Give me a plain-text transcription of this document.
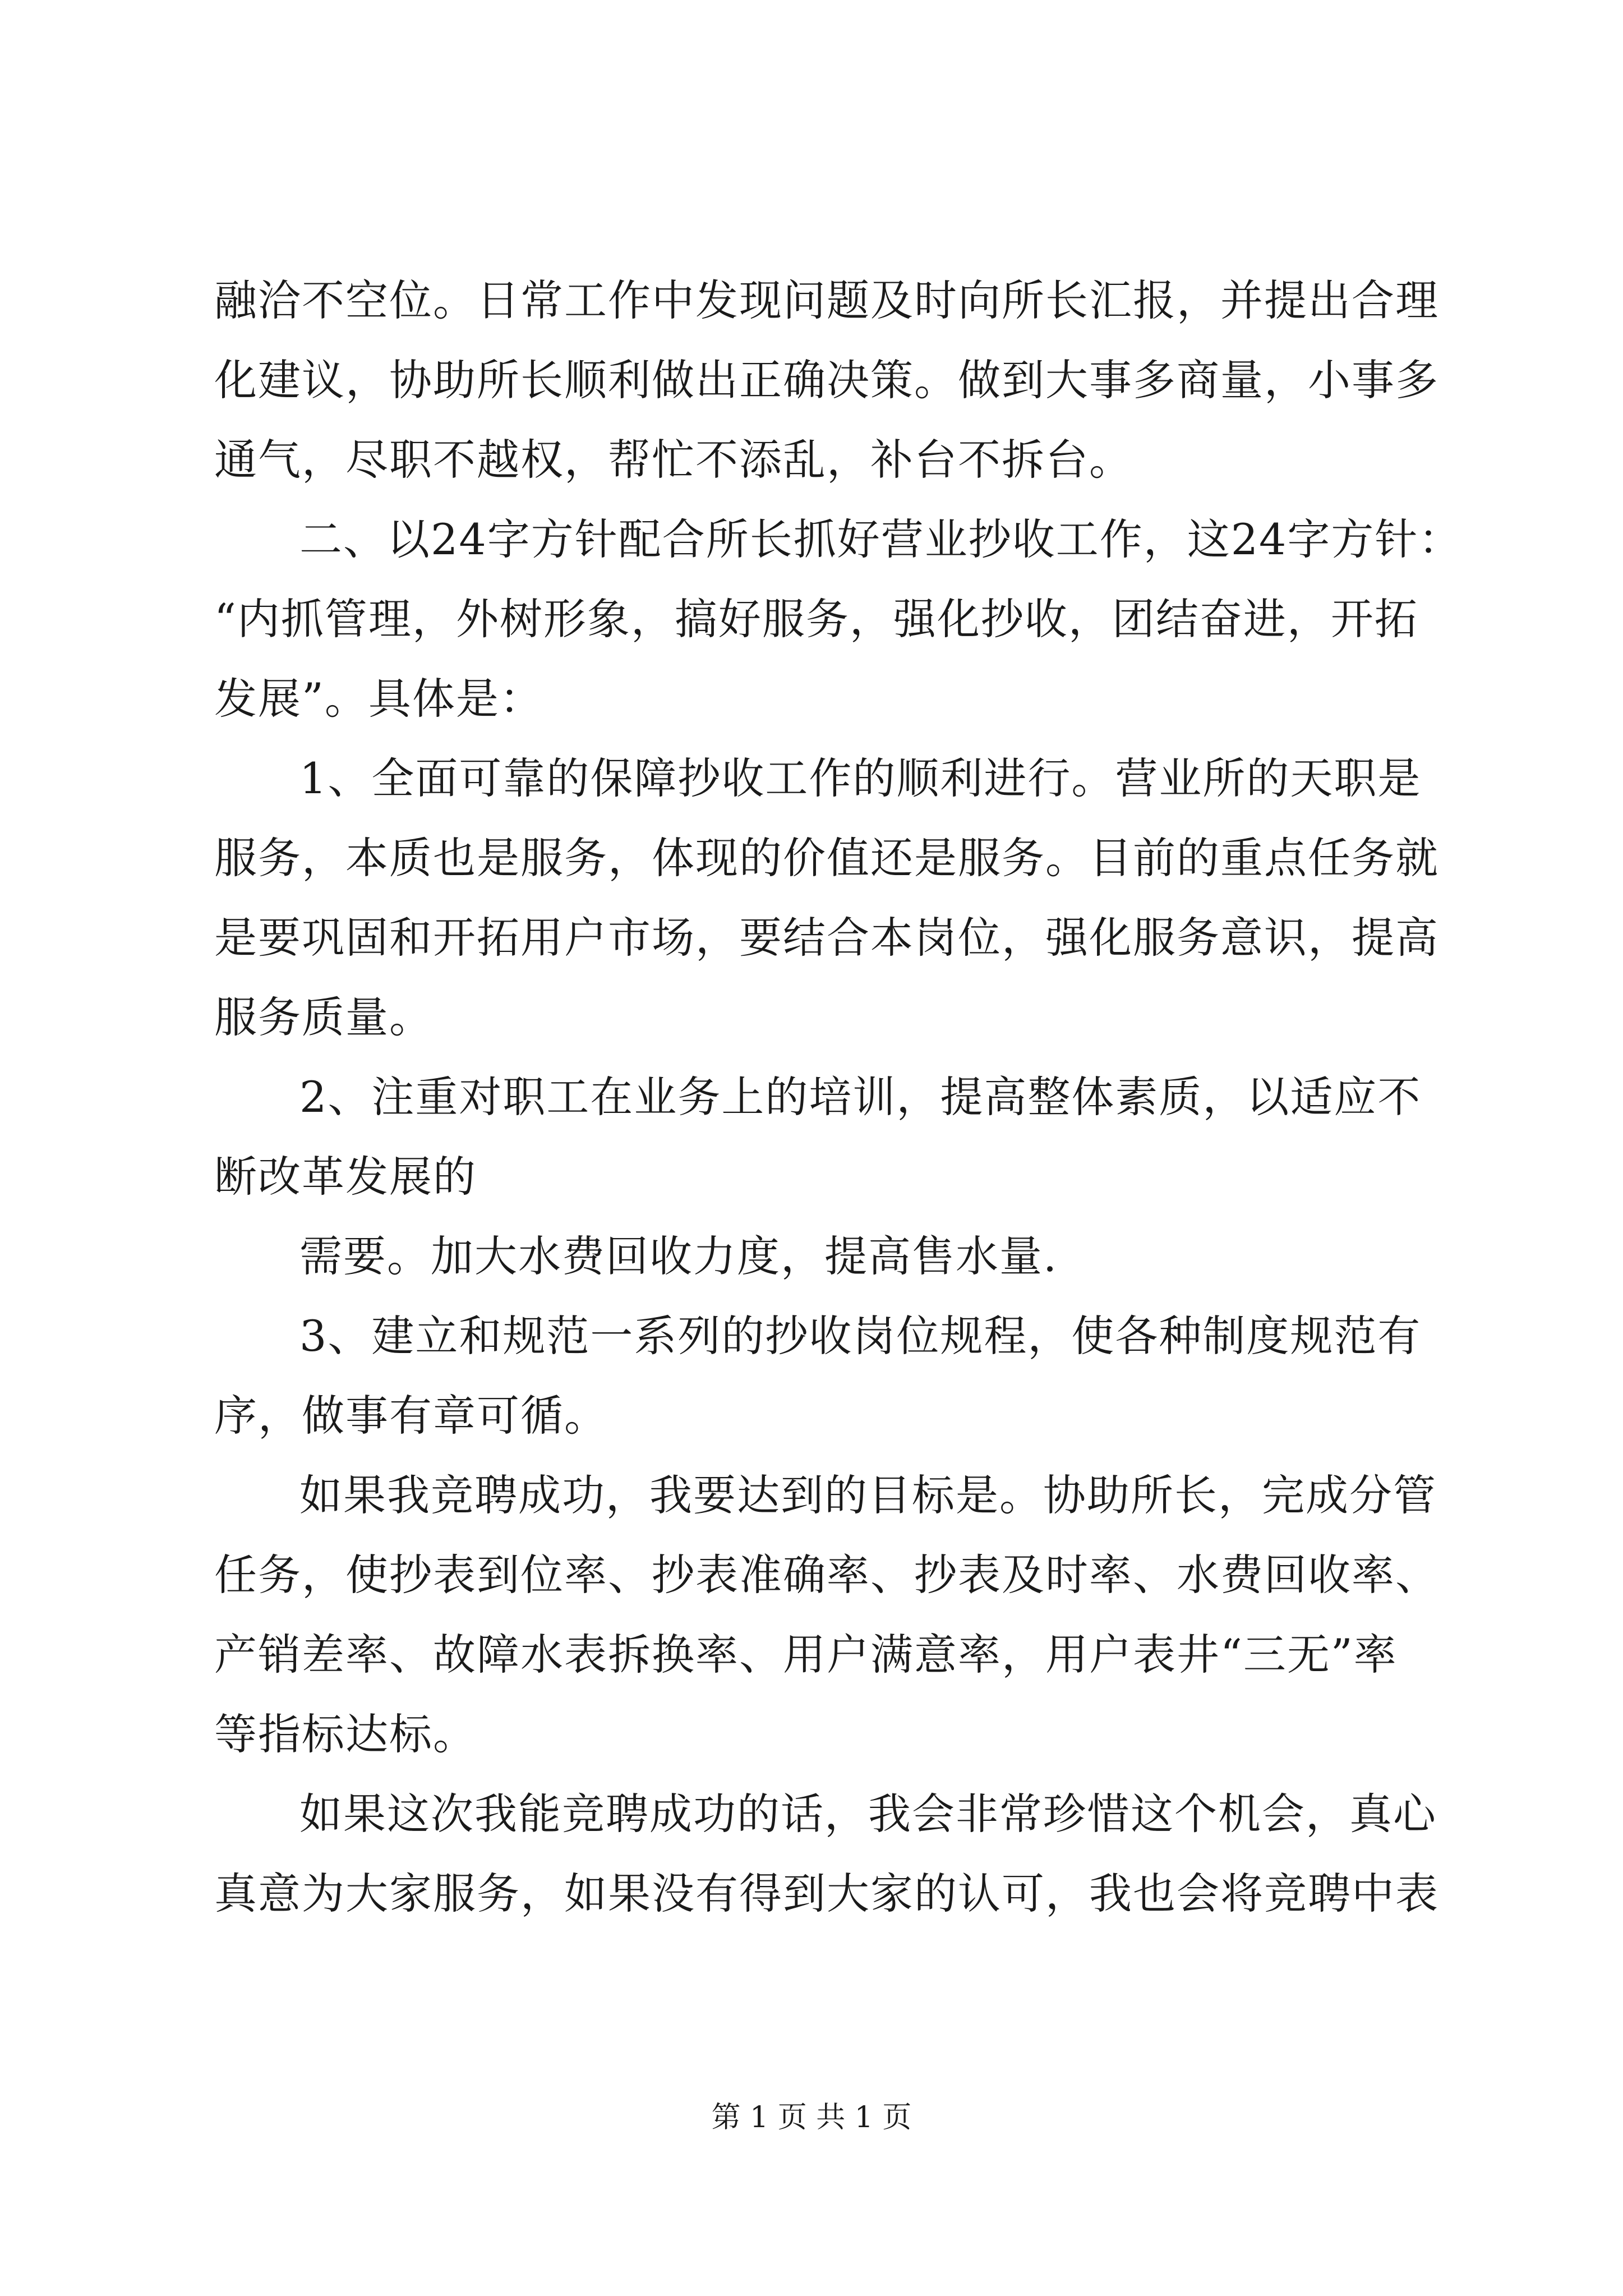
融洽不空位。日常工作中发现问题及时向所长汇报，并提出合理
化建议，协助所长顺利做出正确决策。做到大事多商量，小事多
通气，尽职不越权，帮忙不添乱，补台不拆台。
二、以24字方针配合所长抓好营业抄收工作，这24字方针：
“内抓管理，外树形象，搞好服务，强化抄收，团结奋进，开拓
发展”。具体是：
1、全面可靠的保障抄收工作的顺利进行。营业所的天职是
服务，本质也是服务，体现的价值还是服务。目前的重点任务就
是要巩固和开拓用户市场，要结合本岗位，强化服务意识，提高
服务质量。
2、注重对职工在业务上的培训，提高整体素质，以适应不
断改革发展的
需要。加大水费回收力度，提高售水量.
3、建立和规范一系列的抄收岗位规程，使各种制度规范有
序，做事有章可循。
如果我竞聘成功，我要达到的目标是。协助所长，完成分管
任务，使抄表到位率、抄表准确率、抄表及时率、水费回收率、
产销差率、故障水表拆换率、用户满意率，用户表井“三无”率
等指标达标。
如果这次我能竞聘成功的话，我会非常珍惜这个机会，真心
真意为大家服务，如果没有得到大家的认可，我也会将竞聘中表
第 1 页 共 1 页
